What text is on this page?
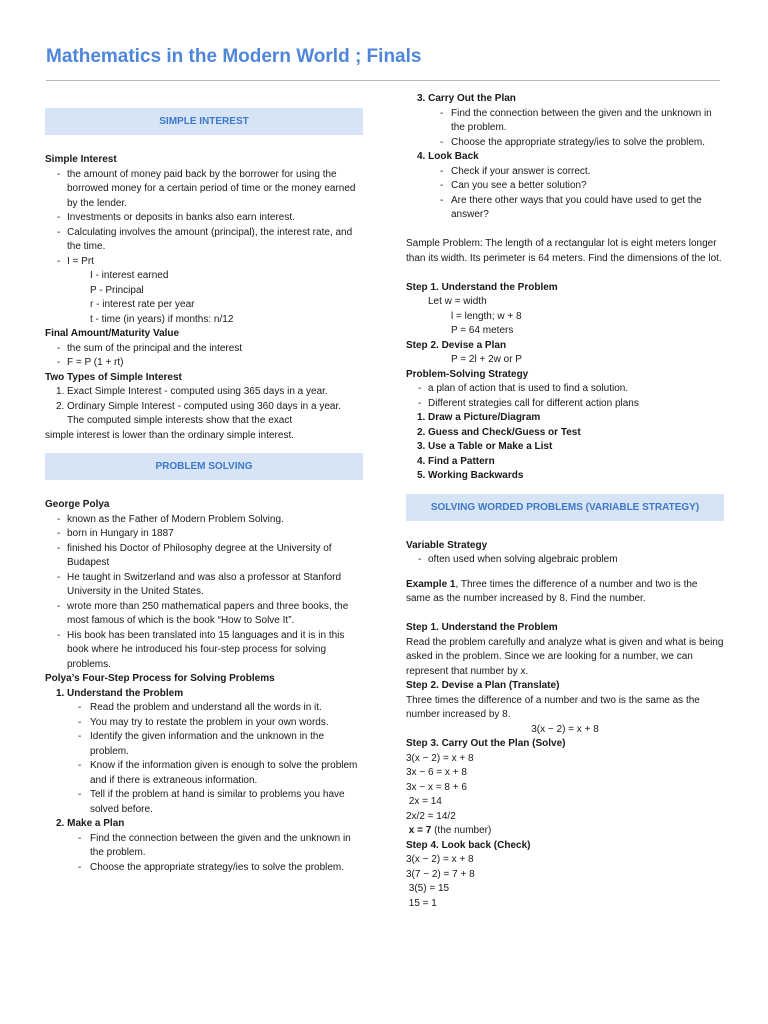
Mathematics in the Modern World ; Finals
SIMPLE INTEREST
Simple Interest
- the amount of money paid back by the borrower for using the borrowed money for a certain period of time or the money earned by the lender.
- Investments or deposits in banks also earn interest.
- Calculating involves the amount (principal), the interest rate, and the time.
- I = Prt
I - interest earned
P - Principal
r - interest rate per year
t - time (in years) if months: n/12
Final Amount/Maturity Value
- the sum of the principal and the interest
- F = P (1 + rt)
Two Types of Simple Interest
1. Exact Simple Interest - computed using 365 days in a year.
2. Ordinary Simple Interest - computed using 360 days in a year.
The computed simple interests show that the exact
simple interest is lower than the ordinary simple interest.
PROBLEM SOLVING
George Polya
- known as the Father of Modern Problem Solving.
- born in Hungary in 1887
- finished his Doctor of Philosophy degree at the University of Budapest
- He taught in Switzerland and was also a professor at Stanford University in the United States.
- wrote more than 250 mathematical papers and three books, the most famous of which is the book “How to Solve It”.
- His book has been translated into 15 languages and it is in this book where he introduced his four-step process for solving problems.
Polya’s Four-Step Process for Solving Problems
1. Understand the Problem
- Read the problem and understand all the words in it.
- You may try to restate the problem in your own words.
- Identify the given information and the unknown in the problem.
- Know if the information given is enough to solve the problem and if there is extraneous information.
- Tell if the problem at hand is similar to problems you have solved before.
2. Make a Plan
- Find the connection between the given and the unknown in the problem.
- Choose the appropriate strategy/ies to solve the problem.
3. Carry Out the Plan
- Find the connection between the given and the unknown in the problem.
- Choose the appropriate strategy/ies to solve the problem.
4. Look Back
- Check if your answer is correct.
- Can you see a better solution?
- Are there other ways that you could have used to get the answer?
Sample Problem: The length of a rectangular lot is eight meters longer than its width. Its perimeter is 64 meters. Find the dimensions of the lot.
Step 1. Understand the Problem
Let w = width
l = length; w + 8
P = 64 meters
Step 2. Devise a Plan
P = 2l + 2w or P
Problem-Solving Strategy
- a plan of action that is used to find a solution.
- Different strategies call for different action plans
1. Draw a Picture/Diagram
2. Guess and Check/Guess or Test
3. Use a Table or Make a List
4. Find a Pattern
5. Working Backwards
SOLVING WORDED PROBLEMS (VARIABLE STRATEGY)
Variable Strategy
- often used when solving algebraic problem
Example 1, Three times the difference of a number and two is the same as the number increased by 8. Find the number.
Step 1. Understand the Problem
Read the problem carefully and analyze what is given and what is being asked in the problem. Since we are looking for a number, we can represent that number by x.
Step 2. Devise a Plan (Translate)
Three times the difference of a number and two is the same as the number increased by 8.
3(x − 2) = x + 8
Step 3. Carry Out the Plan (Solve)
3(x − 2) = x + 8
3x − 6 = x + 8
3x − x = 8 + 6
2x = 14
2x/2 = 14/2
x = 7 (the number)
Step 4. Look back (Check)
3(x − 2) = x + 8
3(7 − 2) = 7 + 8
3(5) = 15
15 = 1
